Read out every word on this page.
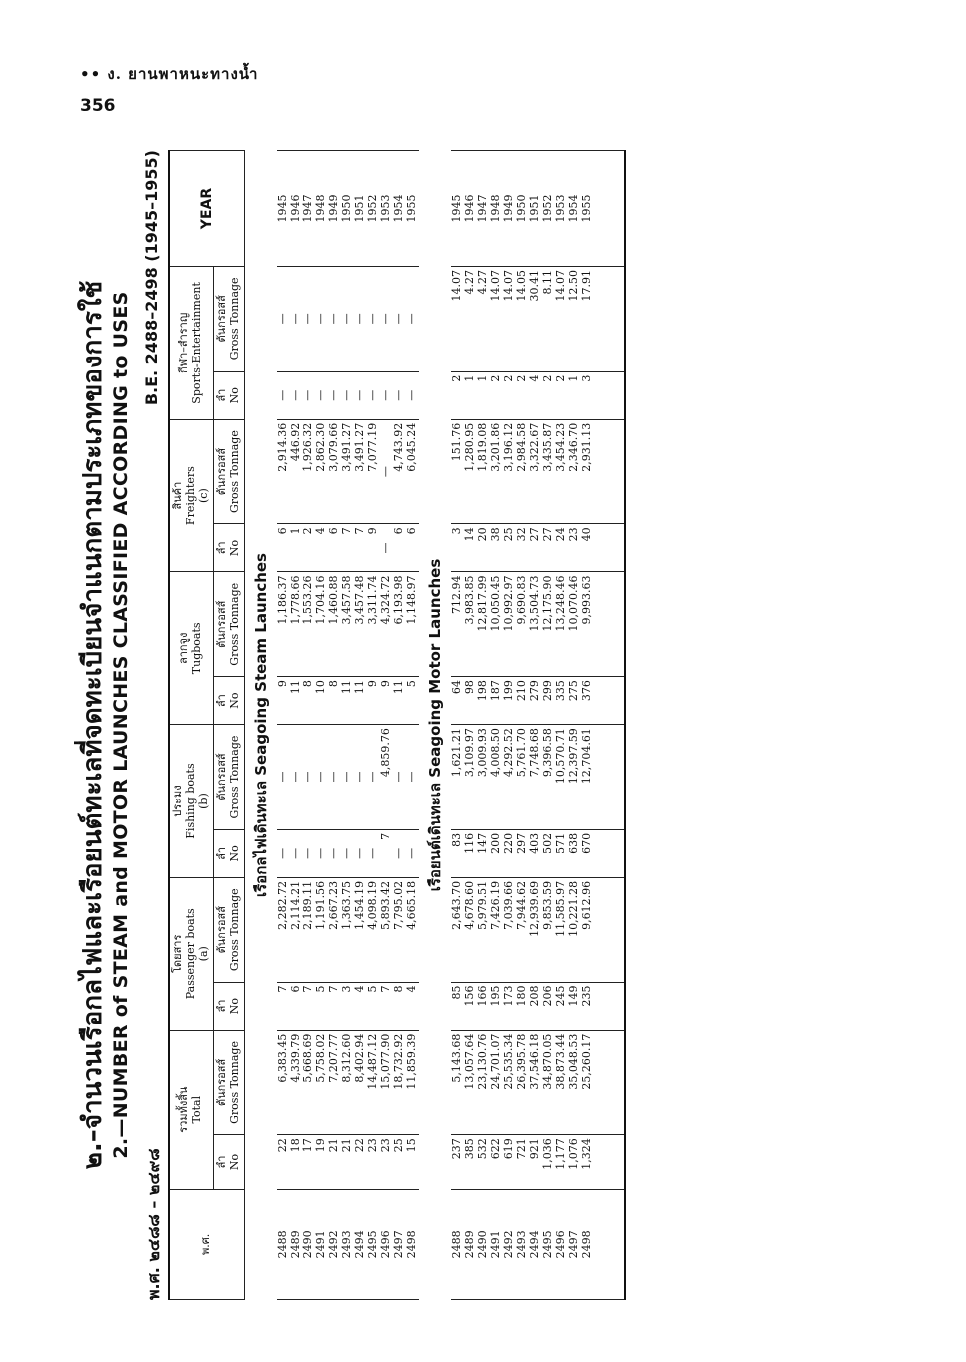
•• ง. ยานพาหนะทางน้ำ
356
๒.–จำนวนเรือกลไฟและเรือยนต์ทะเลที่จดทะเบียนจำแนกตามประเภทของการใช้ 2.—NUMBER of STEAM and MOTOR LAUNCHES CLASSIFIED ACCORDING to USES
พ.ศ. ๒๔๘๘ – ๒๔๙๘
B.E. 2488–2498 (1945–1955)
พ.ศ.	รวมทั้งสิ้น Total		โดยสาร Passenger boats (a)		ประมง Fishing boats (b)		ลากจูง Tugboats		สินค้า Freighters (c)		กีฬา–สำราญ Sports-Entertainment		YEAR

	ลำ No	ตันกรอสส์ Gross Tonnage	ลำ No	ตันกรอสส์ Gross Tonnage	ลำ No	ตันกรอสส์ Gross Tonnage	ลำ No	ตันกรอสส์ Gross Tonnage	ลำ No	ตันกรอสส์ Gross Tonnage	ลำ No	ตันกรอสส์ Gross Tonnage	

เรือกลไฟเดินทะเล Seagoing Steam Launches													
2488	22	6,383.45	7	2,282.72	—	—	9	1,186.37	6	2,914.36	—	—	1945
2489	18	4,339.79	6	2,114.21	—	—	11	1,778.66	1	446.92	—	—	1946
2490	17	5,668.69	7	2,189.11	—	—	8	1,553.26	2	1,926.32	—	—	1947
2491	19	5,758.02	5	1,191.56	—	—	10	1,704.16	4	2,862.30	—	—	1948
2492	21	7,207.77	7	2,667.23	—	—	8	1,460.88	6	3,079.66	—	—	1949
2493	21	8,312.60	3	1,363.75	—	—	11	3,457.58	7	3,491.27	—	—	1950
2494	22	8,402.94	4	1,454.19	—	—	11	3,457.48	7	3,491.27	—	—	1951
2495	23	14,487.12	5	4,098.19	—	—	9	3,311.74	9	7,077.19	—	—	1952
2496	23	15,077.90	7	5,893.42	7	4,859.76	9	4,324.72	—	—	—	—	1953
2497	25	18,732.92	8	7,795.02	—	—	11	6,193.98	6	4,743.92	—	—	1954
2498	15	11,859.39	4	4,665.18	—	—	5	1,148.97	6	6,045.24	—	—	1955
เรือยนต์เดินทะเล Seagoing Motor Launches													
2488	237	5,143.68	85	2,643.70	83	1,621.21	64	712.94	3	151.76	2	14.07	1945
2489	385	13,057.64	156	4,678.60	116	3,109.97	98	3,983.85	14	1,280.95	1	4.27	1946
2490	532	23,130.76	166	5,979.51	147	3,009.93	198	12,817.99	20	1,819.08	1	4.27	1947
2491	622	24,701.07	195	7,426.19	200	4,008.50	187	10,050.45	38	3,201.86	2	14.07	1948
2492	619	25,535.34	173	7,039.66	220	4,292.52	199	10,992.97	25	3,196.12	2	14.07	1949
2493	721	26,395.78	180	7,944.62	297	5,761.70	210	9,690.83	32	2,984.58	2	14.05	1950
2494	921	37,546.18	208	12,939.69	403	7,748.68	279	13,504.73	27	3,322.67	4	30.41	1951
2495	1,036	34,870.05	206	9,853.59	502	9,396.58	299	12,175.90	27	3,435.87	2	8.11	1952
2496	1,177	38,873.44	245	11,585.97	571	10,570.71	335	13,248.46	24	3,454.23	2	14.07	1953
2497	1,076	35,048.53	149	10,221.28	638	12,397.59	275	10,070.46	23	2,346.70	1	12.50	1954
2498	1,324	25,260.17	235	9,612.96	670	12,704.61	376	9,993.63	40	2,931.13	3	17.91	1955
